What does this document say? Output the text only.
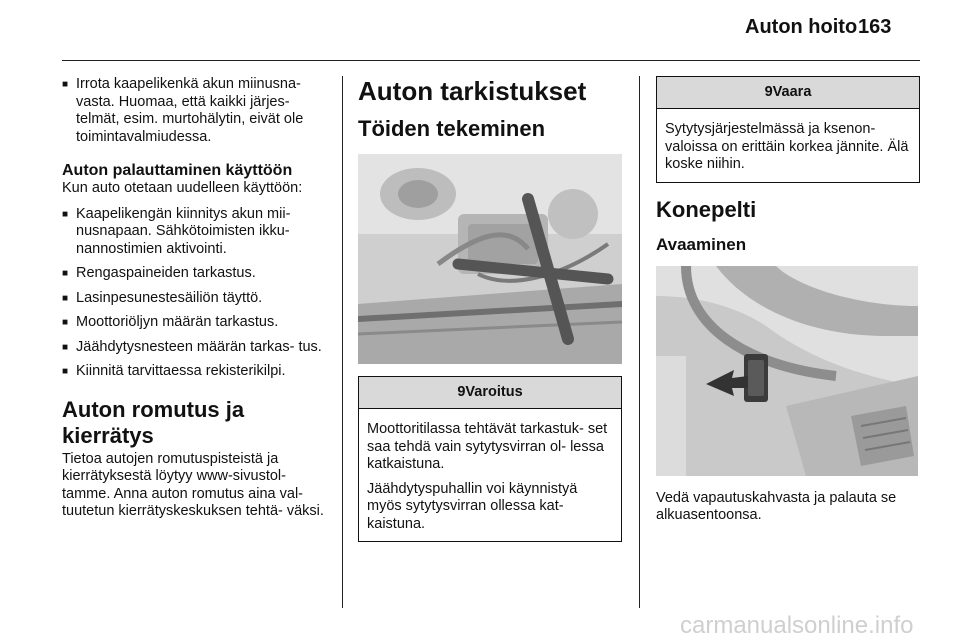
Auton hoito 163
■ Irrota kaapelikenkä akun miinusna- vasta. Huomaa, että kaikki järjes- telmät, esim. murtohälytin, eivät ole toimintavalmiudessa.
Auton palauttaminen käyttöön
Kun auto otetaan uudelleen käyttöön:
■ Kaapelikengän kiinnitys akun mii- nusnapaan. Sähkötoimisten ikku- nannostimien aktivointi.
■ Rengaspaineiden tarkastus.
■ Lasinpesunestesäiliön täyttö.
■ Moottoriöljyn määrän tarkastus.
■ Jäähdytysnesteen määrän tarkas- tus.
■ Kiinnitä tarvittaessa rekisterikilpi.
Auton romutus ja kierrätys
Tietoa autojen romutuspisteistä ja kierrätyksestä löytyy www-sivustol- tamme. Anna auton romutus aina val- tuutetun kierrätyskeskuksen tehtä- väksi.
Auton tarkistukset
Töiden tekeminen
9Varoitus
Moottoritilassa tehtävät tarkastuk- set saa tehdä vain sytytysvirran ol- lessa katkaistuna.
Jäähdytyspuhallin voi käynnistyä myös sytytysvirran ollessa kat- kaistuna.
9Vaara
Sytytysjärjestelmässä ja ksenon- valoissa on erittäin korkea jännite. Älä koske niihin.
Konepelti
Avaaminen
Vedä vapautuskahvasta ja palauta se alkuasentoonsa.
carmanualsonline.info
